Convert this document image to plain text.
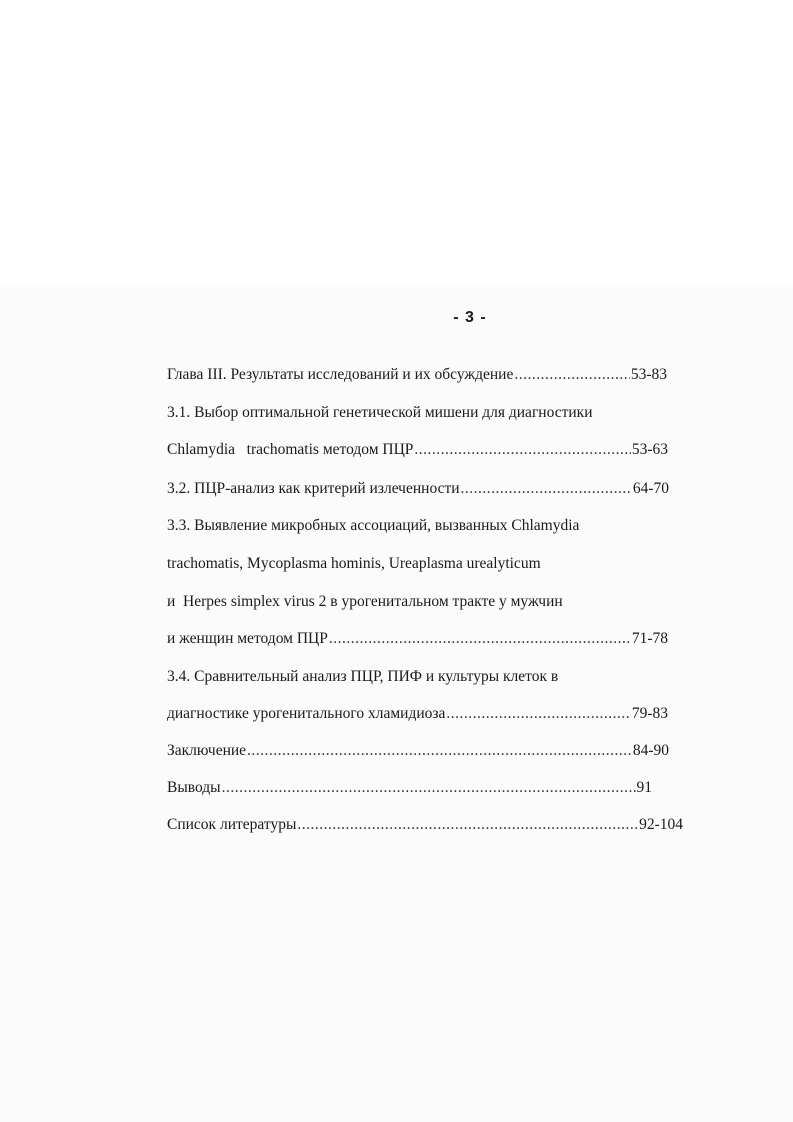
- 3 -
Глава III. Результаты исследований и их обсуждение .....	53-83
3.1. Выбор оптимальной генетической мишени для диагностики
Chlamydia   trachomatis методом ПЦР .....	53-63
3.2. ПЦР-анализ как критерий излеченности .....	64-70
3.3. Выявление микробных ассоциаций, вызванных Chlamydia
trachomatis, Mycoplasma hominis, Ureaplasma urealyticum
и  Herpes simplex virus 2 в урогенитальном тракте у мужчин
и женщин методом ПЦР .....	71-78
3.4. Сравнительный анализ ПЦР, ПИФ и культуры клеток в
диагностике урогенитального хламидиоза .....	79-83
Заключение .....	84-90
Выводы .....	91
Список литературы .....	92-104
